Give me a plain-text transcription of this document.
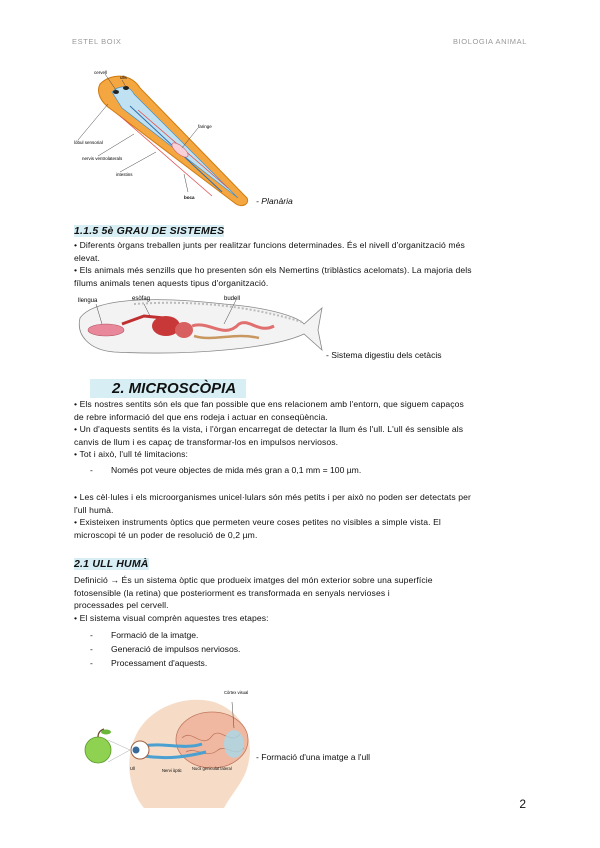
ESTEL BOIX	BIOLOGIA ANIMAL
cervell
ulls
lòbul sensorial
faringe
nervis ventrolaterals
intestins
boca	- Planària
1.1.5 5è GRAU DE SISTEMES
• Diferents òrgans treballen junts per realitzar funcions determinades. És el nivell d'organització més
elevat.
• Els animals més senzills que ho presenten són els Nemertins (triblàstics acelomats). La majoria dels
fílums animals tenen aquests tipus d'organització.
llengua	esòfag	budell
- Sistema digestiu dels cetàcis
2. MICROSCÒPIA
• Els nostres sentits són els que fan possible que ens relacionem amb l'entorn, que siguem capaços
de rebre informació del que ens rodeja i actuar en conseqüència.
• Un d'aquests sentits és la vista, i l'òrgan encarregat de detectar la llum és l'ull. L'ull és sensible als
canvis de llum i es capaç de transformar-los en impulsos nerviosos.
• Tot i això, l'ull té limitacions:
- Només pot veure objectes de mida més gran a 0,1 mm = 100 µm.
• Les cèl·lules i els microorganismes unicel·lulars són més petits i per això no poden ser detectats per
l'ull humà.
• Existeixen instruments òptics que permeten veure coses petites no visibles a simple vista. El
microscopi té un poder de resolució de 0,2 µm.
2.1 ULL HUMÀ
Definició → És un sistema òptic que produeix imatges del món exterior sobre una superfície
fotosensible (la retina) que posteriorment es transformada en senyals nervioses i
processades pel cervell.
• El sistema visual comprèn aquestes tres etapes:
- Formació de la imatge.
- Generació de impulsos nerviosos.
- Processament d'aquests.
Còrtex visual
Ull	Nervi òptic Nucli geniculat lateral
- Formació d'una imatge a l'ull
2
